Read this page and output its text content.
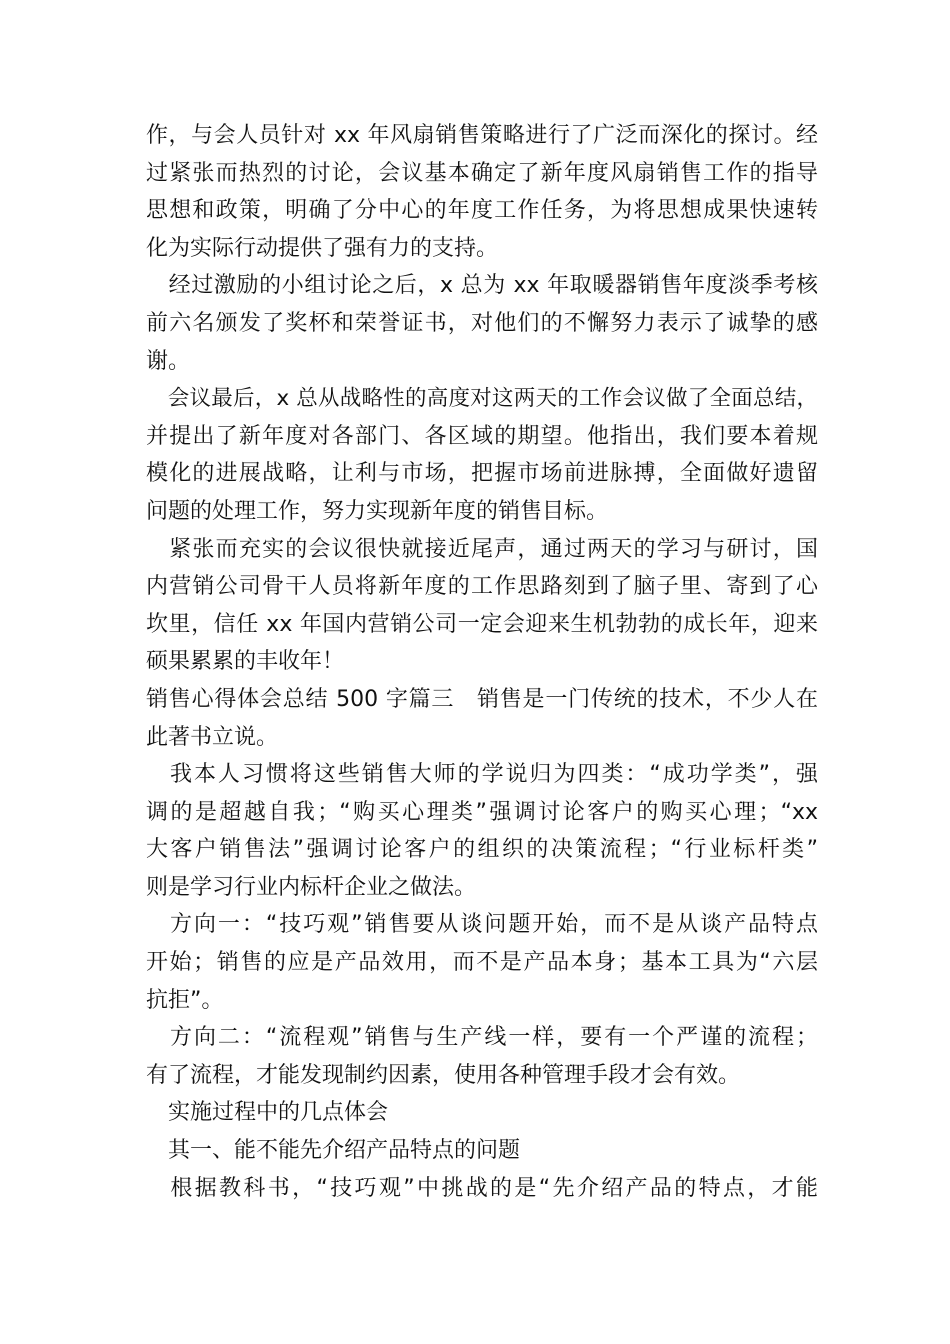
作，与会人员针对 xx 年风扇销售策略进行了广泛而深化的探讨。经
过紧张而热烈的讨论，会议基本确定了新年度风扇销售工作的指导
思想和政策，明确了分中心的年度工作任务，为将思想成果快速转
化为实际行动提供了强有力的支持。
　经过激励的小组讨论之后，x 总为 xx 年取暖器销售年度淡季考核
前六名颁发了奖杯和荣誉证书，对他们的不懈努力表示了诚挚的感
谢。
　会议最后，x 总从战略性的高度对这两天的工作会议做了全面总结，
并提出了新年度对各部门、各区域的期望。他指出，我们要本着规
模化的进展战略，让利与市场，把握市场前进脉搏，全面做好遗留
问题的处理工作，努力实现新年度的销售目标。
　紧张而充实的会议很快就接近尾声，通过两天的学习与研讨，国
内营销公司骨干人员将新年度的工作思路刻到了脑子里、寄到了心
坎里，信任 xx 年国内营销公司一定会迎来生机勃勃的成长年，迎来
硕果累累的丰收年！
销售心得体会总结 500 字篇三　销售是一门传统的技术，不少人在
此著书立说。
　我本人习惯将这些销售大师的学说归为四类：“成功学类”，强
调的是超越自我；“购买心理类”强调讨论客户的购买心理；“xx
大客户销售法”强调讨论客户的组织的决策流程；“行业标杆类”
则是学习行业内标杆企业之做法。
　方向一：“技巧观”销售要从谈问题开始，而不是从谈产品特点
开始；销售的应是产品效用，而不是产品本身；基本工具为“六层
抗拒”。
　方向二：“流程观”销售与生产线一样，要有一个严谨的流程；
有了流程，才能发现制约因素，使用各种管理手段才会有效。
　实施过程中的几点体会
　其一、能不能先介绍产品特点的问题
　根据教科书，“技巧观”中挑战的是“先介绍产品的特点，才能
